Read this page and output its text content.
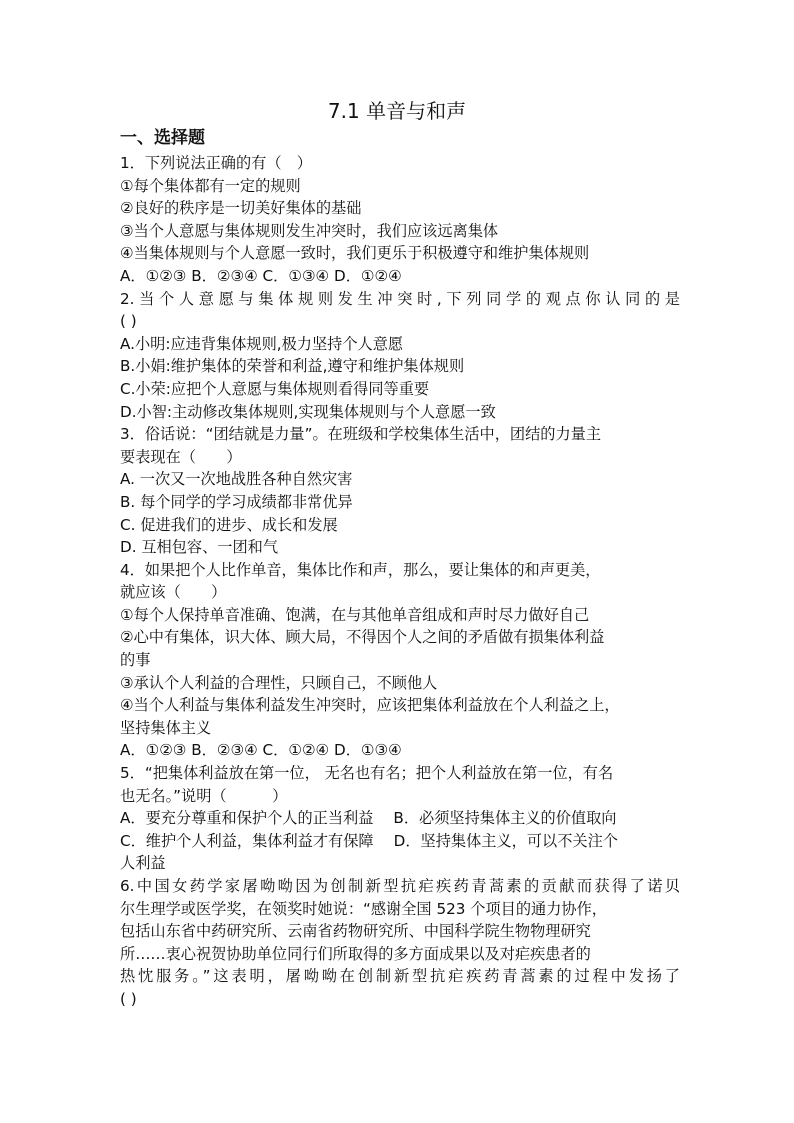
7.1 单音与和声
一、选择题
1．下列说法正确的有（　）
①每个集体都有一定的规则
②良好的秩序是一切美好集体的基础
③当个人意愿与集体规则发生冲突时，我们应该远离集体
④当集体规则与个人意愿一致时，我们更乐于积极遵守和维护集体规则
A．①②③ B．②③④ C．①③④ D．①②④
2.当个人意愿与集体规则发生冲突时,下列同学的观点你认同的是
( )
A.小明:应违背集体规则,极力坚持个人意愿
B.小娟:维护集体的荣誉和利益,遵守和维护集体规则
C.小荣:应把个人意愿与集体规则看得同等重要
D.小智:主动修改集体规则,实现集体规则与个人意愿一致
3．俗话说：“团结就是力量”。在班级和学校集体生活中，团结的力量主
要表现在（　　）
A. 一次又一次地战胜各种自然灾害
B. 每个同学的学习成绩都非常优异
C. 促进我们的进步、成长和发展
D. 互相包容、一团和气
4．如果把个人比作单音，集体比作和声，那么，要让集体的和声更美，
就应该（　　）
①每个人保持单音准确、饱满，在与其他单音组成和声时尽力做好自己
②心中有集体，识大体、顾大局，不得因个人之间的矛盾做有损集体利益
的事
③承认个人利益的合理性，只顾自己，不顾他人
④当个人利益与集体利益发生冲突时，应该把集体利益放在个人利益之上，
坚持集体主义
A．①②③ B．②③④ C．①②④ D．①③④
5．“把集体利益放在第一位， 无名也有名；把个人利益放在第一位，有名
也无名。”说明（　　　）
A．要充分尊重和保护个人的正当利益　 B．必须坚持集体主义的价值取向
C．维护个人利益，集体利益才有保障　 D．坚持集体主义，可以不关注个
人利益
6.中国女药学家屠呦呦因为创制新型抗疟疾药青蒿素的贡献而获得了诺贝
尔生理学或医学奖，在领奖时她说：“感谢全国 523 个项目的通力协作，
包括山东省中药研究所、云南省药物研究所、中国科学院生物物理研究
所……衷心祝贺协助单位同行们所取得的多方面成果以及对疟疾患者的
热忱服务。”这表明，屠呦呦在创制新型抗疟疾药青蒿素的过程中发扬了
( )
